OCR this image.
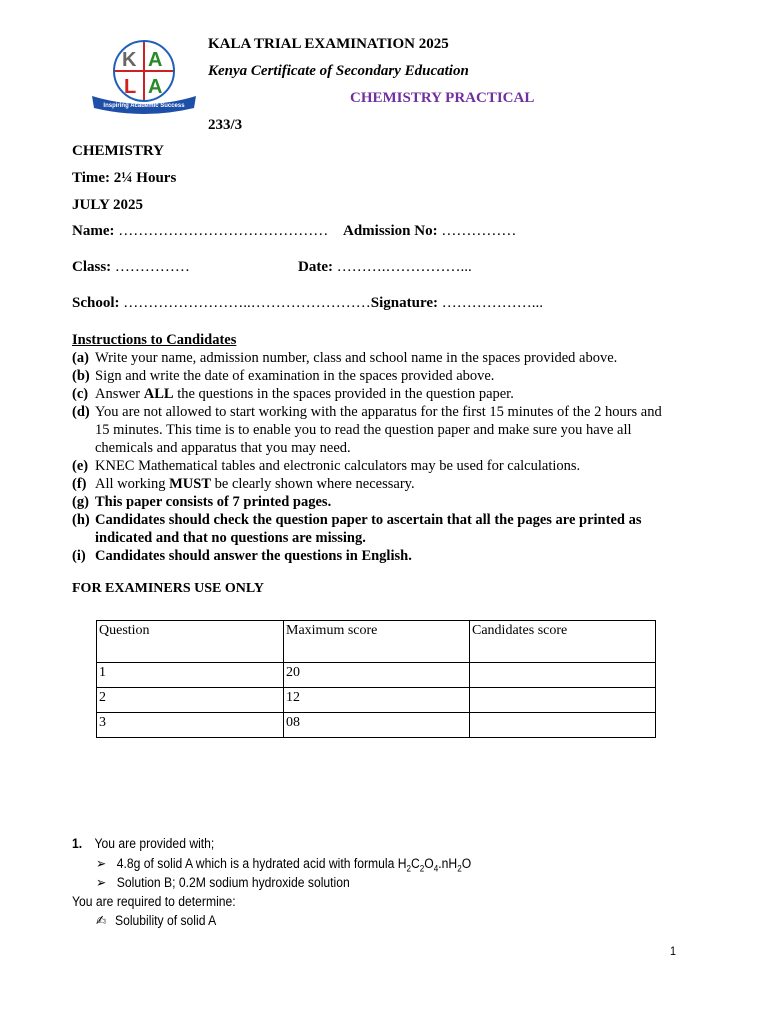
K A
L A
Inspiring Academic Success
KALA TRIAL EXAMINATION 2025
Kenya Certificate of Secondary Education
CHEMISTRY PRACTICAL
233/3
CHEMISTRY
Time: 2¼ Hours
JULY 2025
Name: …………………………………… Admission No: ……………
Class: ……………	Date: ……….……………...
School: ……………………..……………………Signature: ………………...
Instructions to Candidates
(a) Write your name, admission number, class and school name in the spaces provided above.
(b) Sign and write the date of examination in the spaces provided above.
(c) Answer ALL the questions in the spaces provided in the question paper.
(d) You are not allowed to start working with the apparatus for the first 15 minutes of the 2 hours and 15 minutes. This time is to enable you to read the question paper and make sure you have all chemicals and apparatus that you may need.
(e) KNEC Mathematical tables and electronic calculators may be used for calculations.
(f) All working MUST be clearly shown where necessary.
(g) This paper consists of 7 printed pages.
(h) Candidates should check the question paper to ascertain that all the pages are printed as indicated and that no questions are missing.
(i) Candidates should answer the questions in English.
FOR EXAMINERS USE ONLY
Question	Maximum score	Candidates score
1	20	
2	12	
3	08	
1. You are provided with;
➢ 4.8g of solid A which is a hydrated acid with formula $H_2C_2O_4.nH_2O$
➢ Solution B; 0.2M sodium hydroxide solution
You are required to determine:
✍ Solubility of solid A
1
